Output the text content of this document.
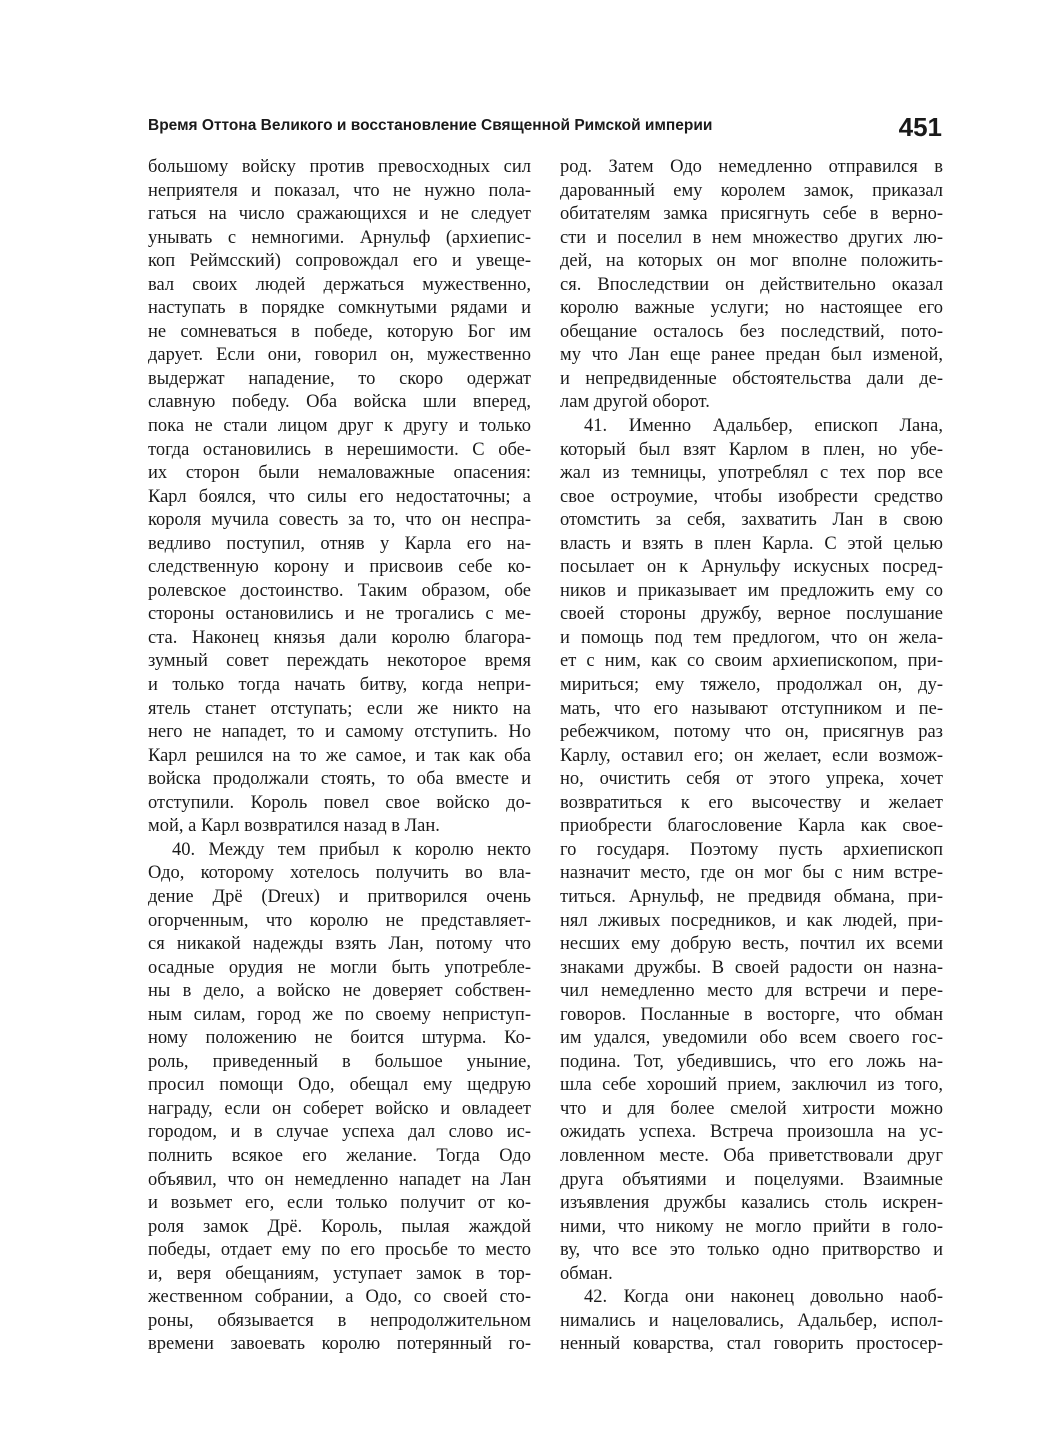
Время Оттона Великого и восстановление Священной Римской империи	451
большому войску против превосходных сил
неприятеля и показал, что не нужно пола-
гаться на число сражающихся и не следует
унывать с немногими. Арнульф (архиепис-
коп Реймсский) сопровождал его и увеще-
вал своих людей держаться мужественно,
наступать в порядке сомкнутыми рядами и
не сомневаться в победе, которую Бог им
дарует. Если они, говорил он, мужественно
выдержат нападение, то скоро одержат
славную победу. Оба войска шли вперед,
пока не стали лицом друг к другу и только
тогда остановились в нерешимости. С обе-
их сторон были немаловажные опасения:
Карл боялся, что силы его недостаточны; а
короля мучила совесть за то, что он неспра-
ведливо поступил, отняв у Карла его на-
следственную корону и присвоив себе ко-
ролевское достоинство. Таким образом, обе
стороны остановились и не трогались с ме-
ста. Наконец князья дали королю благора-
зумный совет переждать некоторое время
и только тогда начать битву, когда непри-
ятель станет отступать; если же никто на
него не нападет, то и самому отступить. Но
Карл решился на то же самое, и так как оба
войска продолжали стоять, то оба вместе и
отступили. Король повел свое войско до-
мой, а Карл возвратился назад в Лан.
40. Между тем прибыл к королю некто
Одо, которому хотелось получить во вла-
дение Дрё (Dreux) и притворился очень
огорченным, что королю не представляет-
ся никакой надежды взять Лан, потому что
осадные орудия не могли быть употребле-
ны в дело, а войско не доверяет собствен-
ным силам, город же по своему неприступ-
ному положению не боится штурма. Ко-
роль, приведенный в большое уныние,
просил помощи Одо, обещал ему щедрую
награду, если он соберет войско и овладеет
городом, и в случае успеха дал слово ис-
полнить всякое его желание. Тогда Одо
объявил, что он немедленно нападет на Лан
и возьмет его, если только получит от ко-
роля замок Дрё. Король, пылая жаждой
победы, отдает ему по его просьбе то место
и, веря обещаниям, уступает замок в тор-
жественном собрании, а Одо, со своей сто-
роны, обязывается в непродолжительном
времени завоевать королю потерянный го-
род. Затем Одо немедленно отправился в
дарованный ему королем замок, приказал
обитателям замка присягнуть себе в верно-
сти и поселил в нем множество других лю-
дей, на которых он мог вполне положить-
ся. Впоследствии он действительно оказал
королю важные услуги; но настоящее его
обещание осталось без последствий, пото-
му что Лан еще ранее предан был изменой,
и непредвиденные обстоятельства дали де-
лам другой оборот.
41. Именно Адальбер, епископ Лана,
который был взят Карлом в плен, но убе-
жал из темницы, употреблял с тех пор все
свое остроумие, чтобы изобрести средство
отомстить за себя, захватить Лан в свою
власть и взять в плен Карла. С этой целью
посылает он к Арнульфу искусных посред-
ников и приказывает им предложить ему со
своей стороны дружбу, верное послушание
и помощь под тем предлогом, что он жела-
ет с ним, как со своим архиепископом, при-
мириться; ему тяжело, продолжал он, ду-
мать, что его называют отступником и пе-
ребежчиком, потому что он, присягнув раз
Карлу, оставил его; он желает, если возмож-
но, очистить себя от этого упрека, хочет
возвратиться к его высочеству и желает
приобрести благословение Карла как свое-
го государя. Поэтому пусть архиепископ
назначит место, где он мог бы с ним встре-
титься. Арнульф, не предвидя обмана, при-
нял лживых посредников, и как людей, при-
несших ему добрую весть, почтил их всеми
знаками дружбы. В своей радости он назна-
чил немедленно место для встречи и пере-
говоров. Посланные в восторге, что обман
им удался, уведомили обо всем своего гос-
подина. Тот, убедившись, что его ложь на-
шла себе хороший прием, заключил из того,
что и для более смелой хитрости можно
ожидать успеха. Встреча произошла на ус-
ловленном месте. Оба приветствовали друг
друга объятиями и поцелуями. Взаимные
изъявления дружбы казались столь искрен-
ними, что никому не могло прийти в голо-
ву, что все это только одно притворство и
обман.
42. Когда они наконец довольно наоб-
нимались и нацеловались, Адальбер, испол-
ненный коварства, стал говорить простосер-
